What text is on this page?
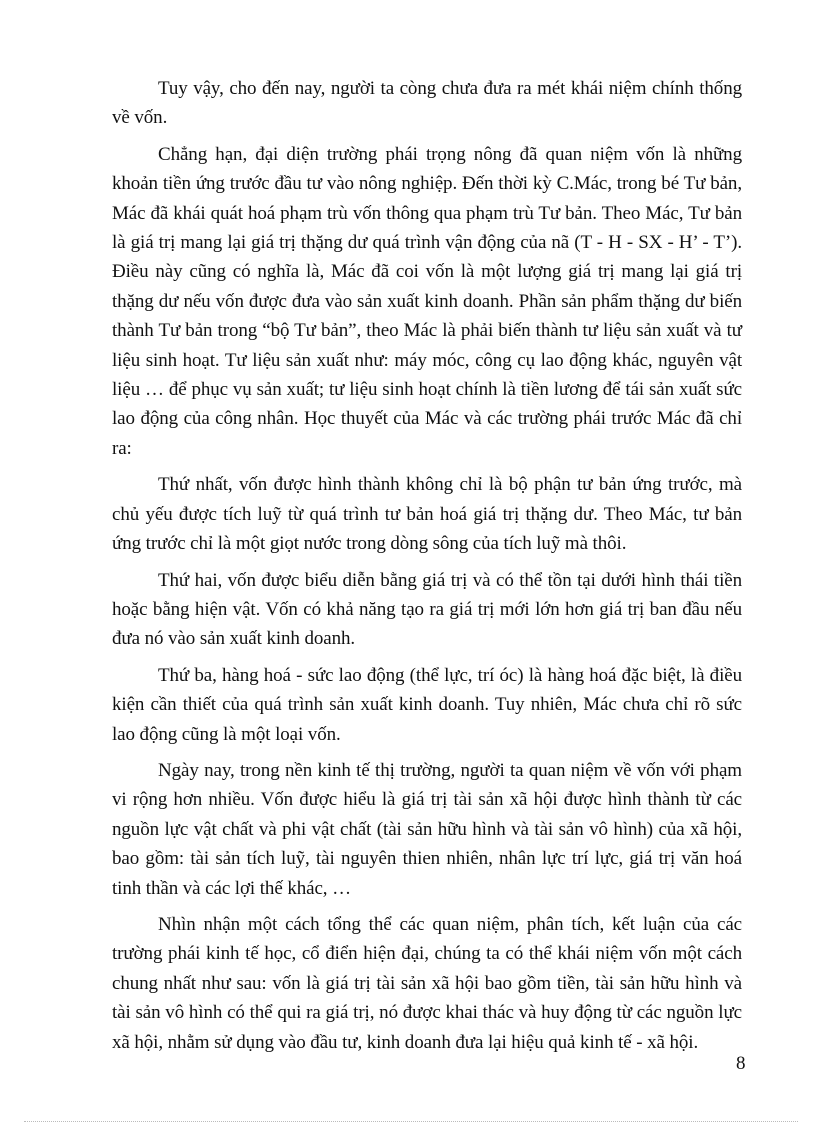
Tuy vậy, cho đến nay, người ta còng chưa đưa ra mét khái niệm chính thống về vốn.

Chẳng hạn, đại diện trường phái trọng nông đã quan niệm vốn là những khoản tiền ứng trước đầu tư vào nông nghiệp. Đến thời kỳ C.Mác, trong bé Tư bản, Mác đã khái quát hoá phạm trù vốn thông qua phạm trù Tư bản. Theo Mác, Tư bản là giá trị mang lại giá trị thặng dư quá trình vận động của nã (T - H - SX - H’ - T’). Điều này cũng có nghĩa là, Mác đã coi vốn là một lượng giá trị mang lại giá trị thặng dư nếu vốn được đưa vào sản xuất kinh doanh. Phần sản phẩm thặng dư biến thành Tư bản trong “bộ Tư bản”, theo Mác là phải biến thành tư liệu sản xuất và tư liệu sinh hoạt. Tư liệu sản xuất như: máy móc, công cụ lao động khác, nguyên vật liệu … để phục vụ sản xuất; tư liệu sinh hoạt chính là tiền lương để tái sản xuất sức lao động của công nhân. Học thuyết của Mác và các trường phái trước Mác đã chỉ ra:

Thứ nhất, vốn được hình thành không chỉ là bộ phận tư bản ứng trước, mà chủ yếu được tích luỹ từ quá trình tư bản hoá giá trị thặng dư. Theo Mác, tư bản ứng trước chỉ là một giọt nước trong dòng sông của tích luỹ mà thôi.

Thứ hai, vốn được biểu diễn bằng giá trị và có thể tồn tại dưới hình thái tiền hoặc bằng hiện vật. Vốn có khả năng tạo ra giá trị mới lớn hơn giá trị ban đầu nếu đưa nó vào sản xuất kinh doanh.

Thứ ba, hàng hoá - sức lao động (thể lực, trí óc) là hàng hoá đặc biệt, là điều kiện cần thiết của quá trình sản xuất kinh doanh. Tuy nhiên, Mác chưa chỉ rõ sức lao động cũng là một loại vốn.

Ngày nay, trong nền kinh tế thị trường, người ta quan niệm về vốn với phạm vi rộng hơn nhiều. Vốn được hiểu là giá trị tài sản xã hội được hình thành từ các nguồn lực vật chất và phi vật chất (tài sản hữu hình và tài sản vô hình) của xã hội, bao gồm: tài sản tích luỹ, tài nguyên thien nhiên, nhân lực trí lực, giá trị văn hoá tinh thần và các lợi thế khác, …

Nhìn nhận một cách tổng thể các quan niệm, phân tích, kết luận của các trường phái kinh tế học, cổ điển hiện đại, chúng ta có thể khái niệm vốn một cách chung nhất như sau: vốn là giá trị tài sản xã hội bao gồm tiền, tài sản hữu hình và tài sản vô hình có thể qui ra giá trị, nó được khai thác và huy động từ các nguồn lực xã hội, nhằm sử dụng vào đầu tư, kinh doanh đưa lại hiệu quả kinh tế - xã hội.

8
